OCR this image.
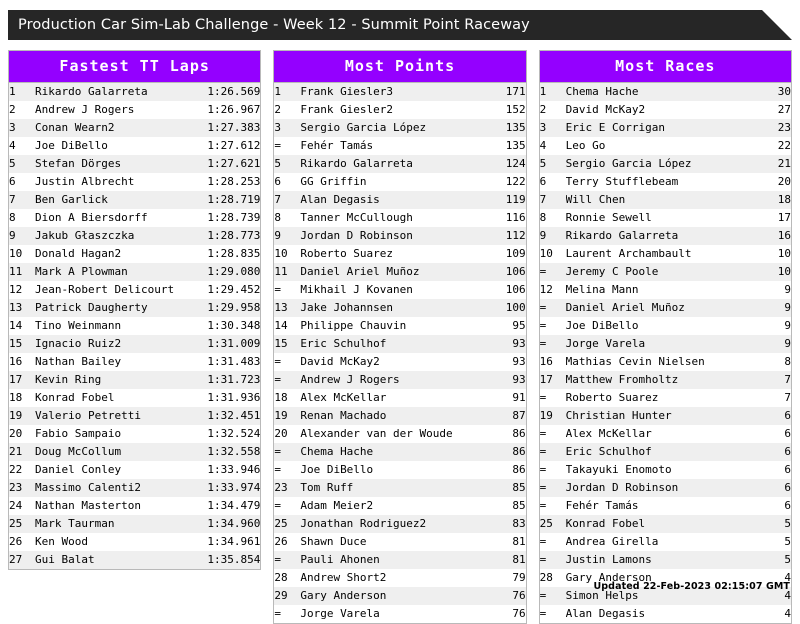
Production Car Sim-Lab Challenge - Week 12 - Summit Point Raceway
Fastest TT Laps
1	Rikardo Galarreta	1:26.569
2	Andrew J Rogers	1:26.967
3	Conan Wearn2	1:27.383
4	Joe DiBello	1:27.612
5	Stefan Dörges	1:27.621
6	Justin Albrecht	1:28.253
7	Ben Garlick	1:28.719
8	Dion A Biersdorff	1:28.739
9	Jakub Głaszczka	1:28.773
10	Donald Hagan2	1:28.835
11	Mark A Plowman	1:29.080
12	Jean-Robert Delicourt	1:29.452
13	Patrick Daugherty	1:29.958
14	Tino Weinmann	1:30.348
15	Ignacio Ruiz2	1:31.009
16	Nathan Bailey	1:31.483
17	Kevin Ring	1:31.723
18	Konrad Fobel	1:31.936
19	Valerio Petretti	1:32.451
20	Fabio Sampaio	1:32.524
21	Doug McCollum	1:32.558
22	Daniel Conley	1:33.946
23	Massimo Calenti2	1:33.974
24	Nathan Masterton	1:34.479
25	Mark Taurman	1:34.960
26	Ken Wood	1:34.961
27	Gui Balat	1:35.854
Most Points
1	Frank Giesler3	171
2	Frank Giesler2	152
3	Sergio Garcia López	135
=	Fehér Tamás	135
5	Rikardo Galarreta	124
6	GG Griffin	122
7	Alan Degasis	119
8	Tanner McCullough	116
9	Jordan D Robinson	112
10	Roberto Suarez	109
11	Daniel Ariel Muñoz	106
=	Mikhail J Kovanen	106
13	Jake Johannsen	100
14	Philippe Chauvin	95
15	Eric Schulhof	93
=	David McKay2	93
=	Andrew J Rogers	93
18	Alex McKellar	91
19	Renan Machado	87
20	Alexander van der Woude	86
=	Chema Hache	86
=	Joe DiBello	86
23	Tom Ruff	85
=	Adam Meier2	85
25	Jonathan Rodriguez2	83
26	Shawn Duce	81
=	Pauli Ahonen	81
28	Andrew Short2	79
29	Gary Anderson	76
=	Jorge Varela	76
Most Races
1	Chema Hache	30
2	David McKay2	27
3	Eric E Corrigan	23
4	Leo Go	22
5	Sergio Garcia López	21
6	Terry Stufflebeam	20
7	Will Chen	18
8	Ronnie Sewell	17
9	Rikardo Galarreta	16
10	Laurent Archambault	10
=	Jeremy C Poole	10
12	Melina Mann	9
=	Daniel Ariel Muñoz	9
=	Joe DiBello	9
=	Jorge Varela	9
16	Mathias Cevin Nielsen	8
17	Matthew Fromholtz	7
=	Roberto Suarez	7
19	Christian Hunter	6
=	Alex McKellar	6
=	Eric Schulhof	6
=	Takayuki Enomoto	6
=	Jordan D Robinson	6
=	Fehér Tamás	6
25	Konrad Fobel	5
=	Andrea Girella	5
=	Justin Lamons	5
28	Gary Anderson	4
=	Simon Helps	4
=	Alan Degasis	4
Updated 22-Feb-2023 02:15:07 GMT
